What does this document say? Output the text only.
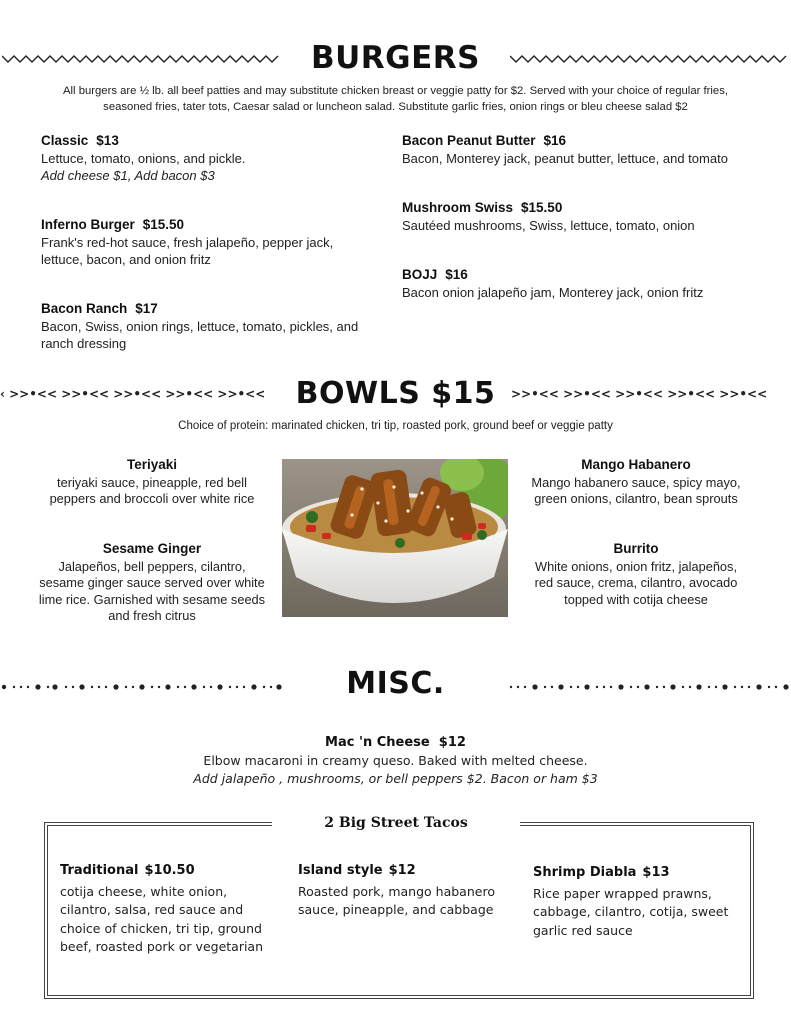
BURGERS
All burgers are ½ lb. all beef patties and may substitute chicken breast or veggie patty for $2. Served with your choice of regular fries,
seasoned fries, tater tots, Caesar salad or luncheon salad. Substitute garlic fries, onion rings or bleu cheese salad $2
Classic $13
Lettuce, tomato, onions, and pickle.
Add cheese $1, Add bacon $3
Inferno Burger $15.50
Frank's red-hot sauce, fresh jalapeño, pepper jack, lettuce, bacon, and onion fritz
Bacon Ranch $17
Bacon, Swiss, onion rings, lettuce, tomato, pickles, and ranch dressing
Bacon Peanut Butter $16
Bacon, Monterey jack, peanut butter, lettuce, and tomato
Mushroom Swiss $15.50
Sautéed mushrooms, Swiss, lettuce, tomato, onion
BOJJ $16
Bacon onion jalapeño jam, Monterey jack, onion fritz
‹ >>•<< >>•<< >>•<< >>•<< >>•<<	BOWLS $15	>>•<< >>•<< >>•<< >>•<< >>•<<
Choice of protein: marinated chicken, tri tip, roasted pork, ground beef or veggie patty
Teriyaki
teriyaki sauce, pineapple, red bell peppers and broccoli over white rice
Sesame Ginger
Jalapeños, bell peppers, cilantro, sesame ginger sauce served over white lime rice. Garnished with sesame seeds and fresh citrus
Mango Habanero
Mango habanero sauce, spicy mayo, green onions, cilantro, bean sprouts
Burrito
White onions, onion fritz, jalapeños, red sauce, crema, cilantro, avocado topped with cotija cheese
MISC.
Mac 'n Cheese $12
Elbow macaroni in creamy queso. Baked with melted cheese.
Add jalapeño , mushrooms, or bell peppers $2. Bacon or ham $3
2 Big Street Tacos
Traditional $10.50
cotija cheese, white onion, cilantro, salsa, red sauce and choice of chicken, tri tip, ground beef, roasted pork or vegetarian
Island style $12
Roasted pork, mango habanero sauce, pineapple, and cabbage
Shrimp Diabla $13
Rice paper wrapped prawns, cabbage, cilantro, cotija, sweet garlic red sauce
